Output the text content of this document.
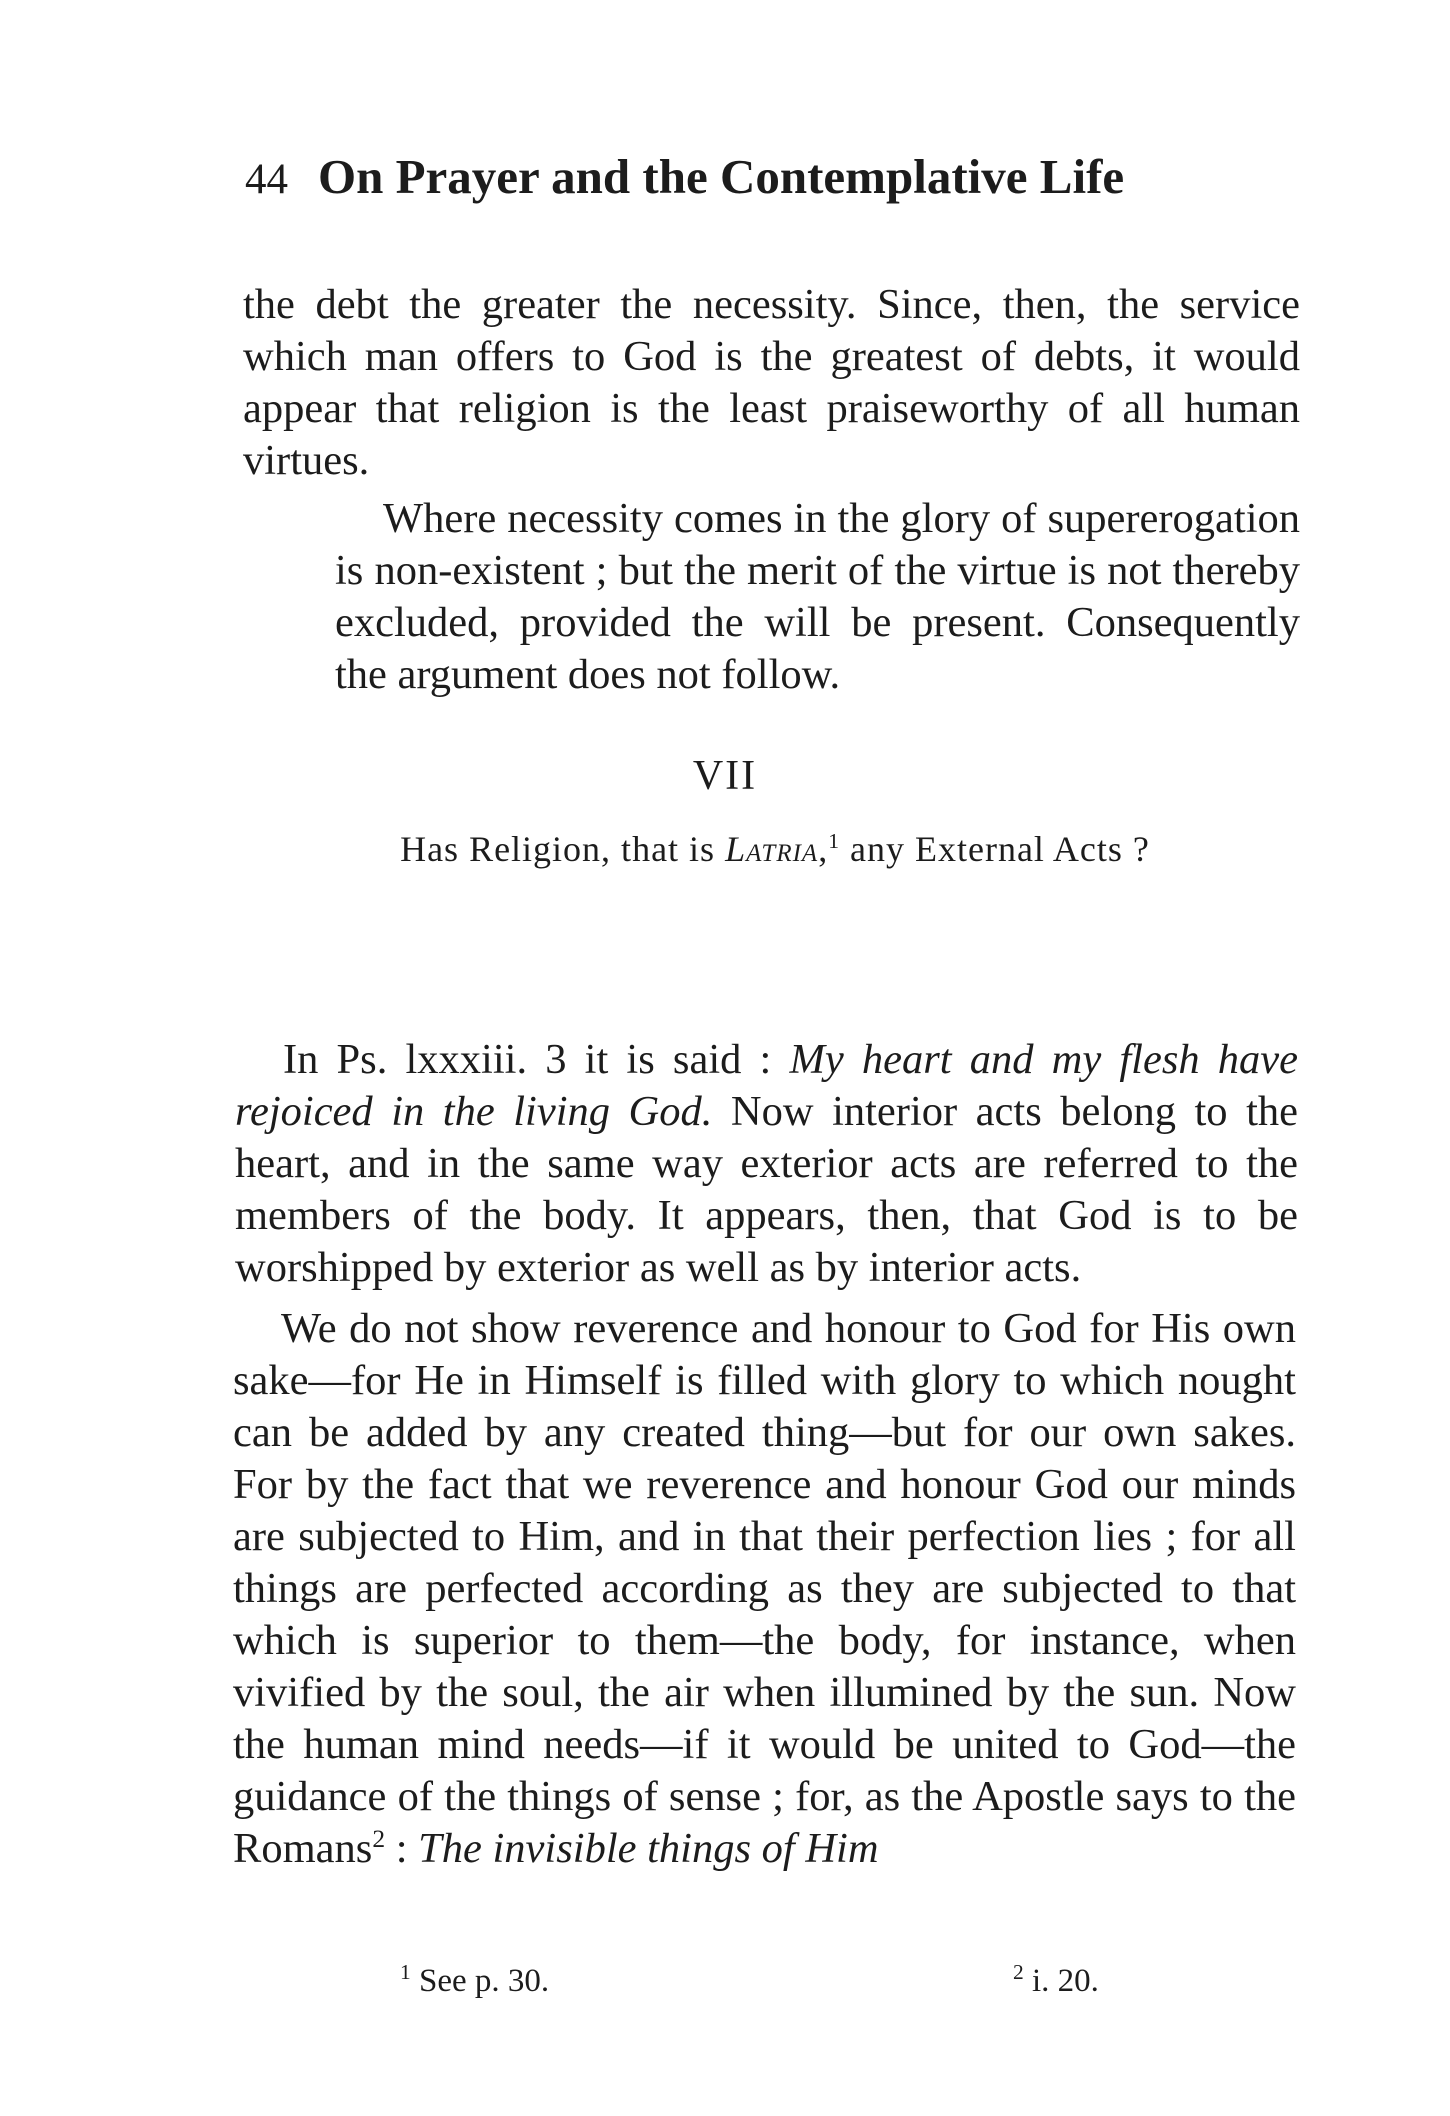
44 On Prayer and the Contemplative Life

the debt the greater the necessity. Since, then, the service which man offers to God is the greatest of debts, it would appear that religion is the least praiseworthy of all human virtues.

Where necessity comes in the glory of supererogation is non-existent ; but the merit of the virtue is not thereby excluded, provided the will be present. Consequently the argument does not follow.

VII
Has Religion, that is Latria,$^1$ any External Acts ?

In Ps. lxxxiii. 3 it is said : My heart and my flesh have rejoiced in the living God. Now interior acts belong to the heart, and in the same way exterior acts are referred to the members of the body. It appears, then, that God is to be worshipped by exterior as well as by interior acts.

We do not show reverence and honour to God for His own sake—for He in Himself is filled with glory to which nought can be added by any created thing—but for our own sakes. For by the fact that we reverence and honour God our minds are subjected to Him, and in that their perfection lies ; for all things are perfected according as they are subjected to that which is superior to them—the body, for instance, when vivified by the soul, the air when illumined by the sun. Now the human mind needs—if it would be united to God—the guidance of the things of sense ; for, as the Apostle says to the Romans$^2$ : The invisible things of Him

$^1$ See p. 30.	$^2$ i. 20.
